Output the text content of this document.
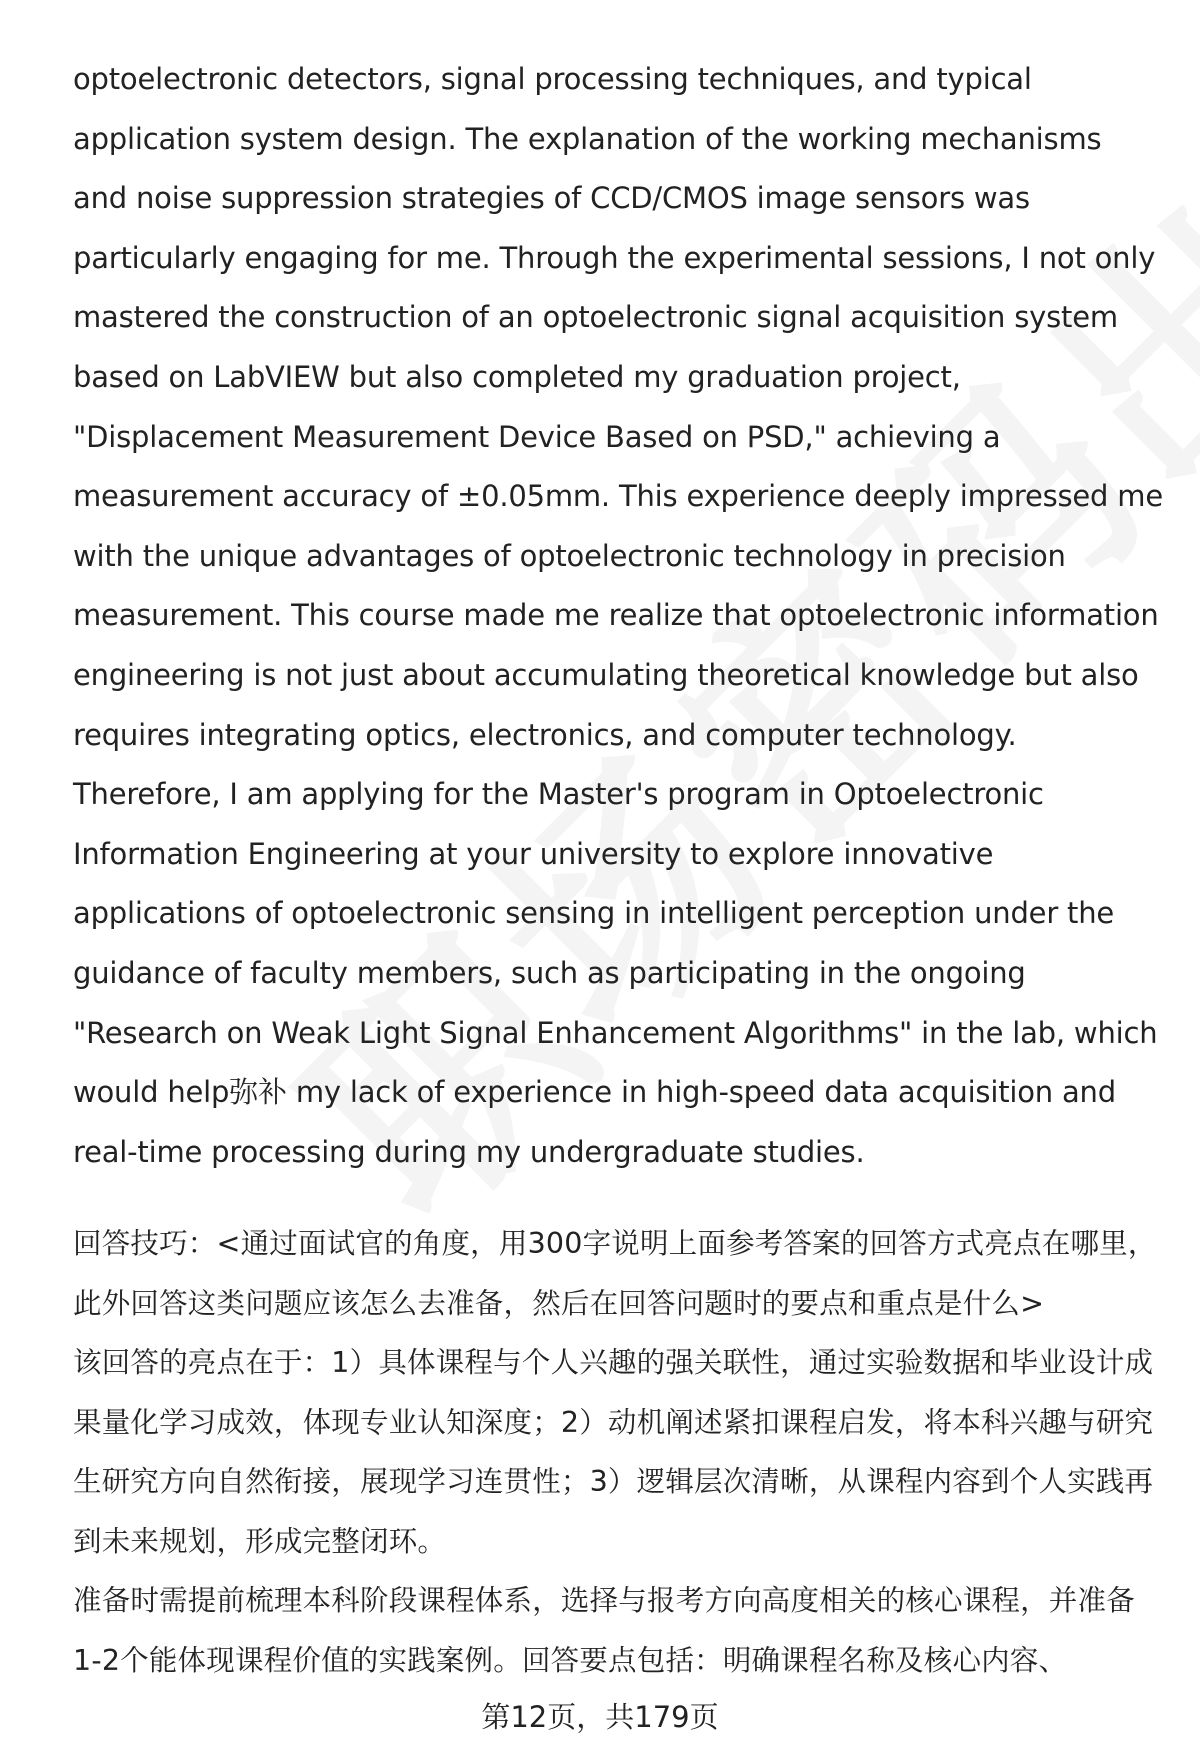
optoelectronic detectors, signal processing techniques, and typical application system design. The explanation of the working mechanisms and noise suppression strategies of CCD/CMOS image sensors was particularly engaging for me. Through the experimental sessions, I not only mastered the construction of an optoelectronic signal acquisition system based on LabVIEW but also completed my graduation project, "Displacement Measurement Device Based on PSD," achieving a measurement accuracy of ±0.05mm. This experience deeply impressed me with the unique advantages of optoelectronic technology in precision measurement. This course made me realize that optoelectronic information engineering is not just about accumulating theoretical knowledge but also requires integrating optics, electronics, and computer technology. Therefore, I am applying for the Master's program in Optoelectronic Information Engineering at your university to explore innovative applications of optoelectronic sensing in intelligent perception under the guidance of faculty members, such as participating in the ongoing "Research on Weak Light Signal Enhancement Algorithms" in the lab, which would help弥补 my lack of experience in high-speed data acquisition and real-time processing during my undergraduate studies.

回答技巧：<通过面试官的角度，用300字说明上面参考答案的回答方式亮点在哪里，此外回答这类问题应该怎么去准备，然后在回答问题时的要点和重点是什么>

该回答的亮点在于：1）具体课程与个人兴趣的强关联性，通过实验数据和毕业设计成果量化学习成效，体现专业认知深度；2）动机阐述紧扣课程启发，将本科兴趣与研究生研究方向自然衔接，展现学习连贯性；3）逻辑层次清晰，从课程内容到个人实践再到未来规划，形成完整闭环。

准备时需提前梳理本科阶段课程体系，选择与报考方向高度相关的核心课程，并准备1-2个能体现课程价值的实践案例。回答要点包括：明确课程名称及核心内容、

第12页，共179页
